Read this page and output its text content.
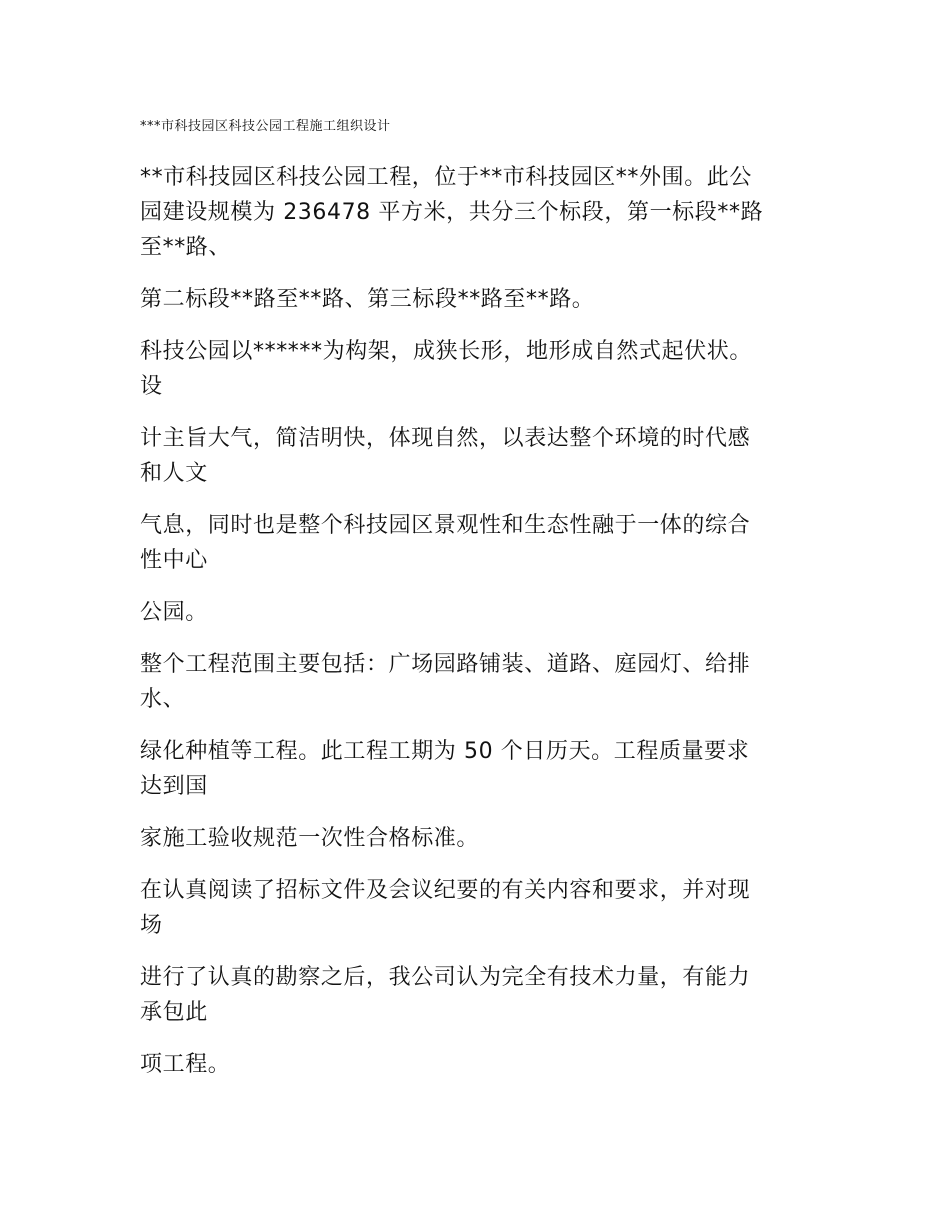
***市科技园区科技公园工程施工组织设计

**市科技园区科技公园工程，位于**市科技园区**外围。此公
园建设规模为 236478 平方米，共分三个标段，第一标段**路
至**路、

第二标段**路至**路、第三标段**路至**路。

科技公园以******为构架，成狭长形，地形成自然式起伏状。
设

计主旨大气，简洁明快，体现自然，以表达整个环境的时代感
和人文

气息，同时也是整个科技园区景观性和生态性融于一体的综合
性中心

公园。

整个工程范围主要包括：广场园路铺装、道路、庭园灯、给排
水、

绿化种植等工程。此工程工期为 50 个日历天。工程质量要求
达到国

家施工验收规范一次性合格标准。

在认真阅读了招标文件及会议纪要的有关内容和要求，并对现
场

进行了认真的勘察之后，我公司认为完全有技术力量，有能力
承包此

项工程。
